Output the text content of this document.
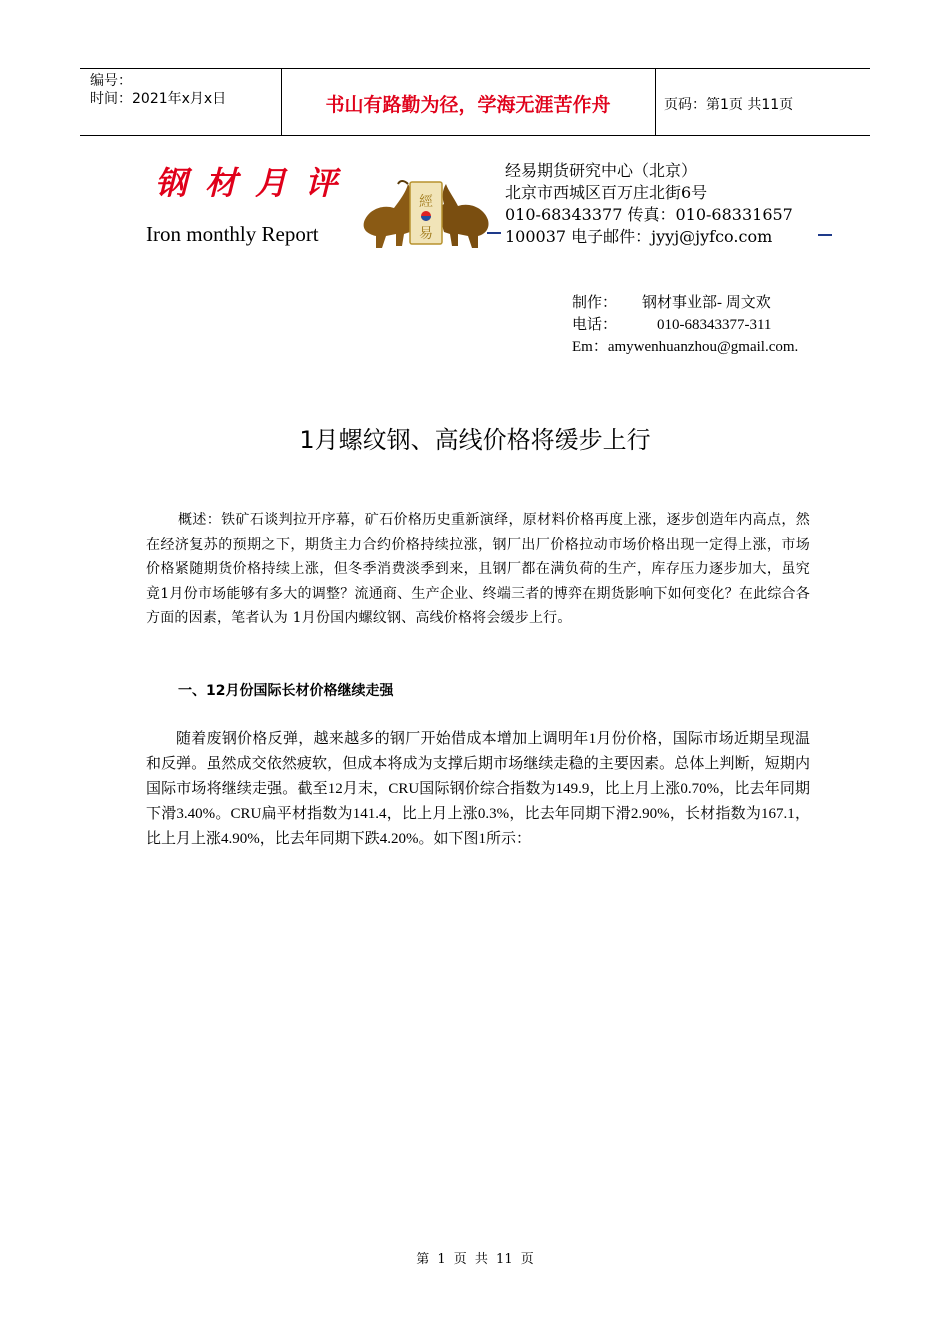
编号：
时间：2021年x月x日	书山有路勤为径，学海无涯苦作舟	页码：第1页 共11页
钢材月评
Iron monthly Report
經
易
经易期货研究中心（北京）
北京市西城区百万庄北街6号
010-68343377 传真：010-68331657
100037 电子邮件：jyyj@jyfco.com
制作： 钢材事业部- 周文欢
电话：	010-68343377-311
Em：amywenhuanzhou@gmail.com.
1月螺纹钢、高线价格将缓步上行
概述：铁矿石谈判拉开序幕，矿石价格历史重新演绎，原材料价格再度上涨，逐步创造年内高点，然在经济复苏的预期之下，期货主力合约价格持续拉涨，钢厂出厂价格拉动市场价格出现一定得上涨，市场价格紧随期货价格持续上涨，但冬季消费淡季到来，且钢厂都在满负荷的生产，库存压力逐步加大，虽究竟1月份市场能够有多大的调整？流通商、生产企业、终端三者的博弈在期货影响下如何变化？在此综合各方面的因素，笔者认为 1月份国内螺纹钢、高线价格将会缓步上行。
一、12月份国际长材价格继续走强
随着废钢价格反弹，越来越多的钢厂开始借成本增加上调明年1月份价格，国际市场近期呈现温和反弹。虽然成交依然疲软，但成本将成为支撑后期市场继续走稳的主要因素。总体上判断，短期内国际市场将继续走强。截至12月末，CRU国际钢价综合指数为149.9，比上月上涨0.70%，比去年同期下滑3.40%。CRU扁平材指数为141.4，比上月上涨0.3%，比去年同期下滑2.90%，长材指数为167.1，比上月上涨4.90%，比去年同期下跌4.20%。如下图1所示：
第 1 页 共 11 页
